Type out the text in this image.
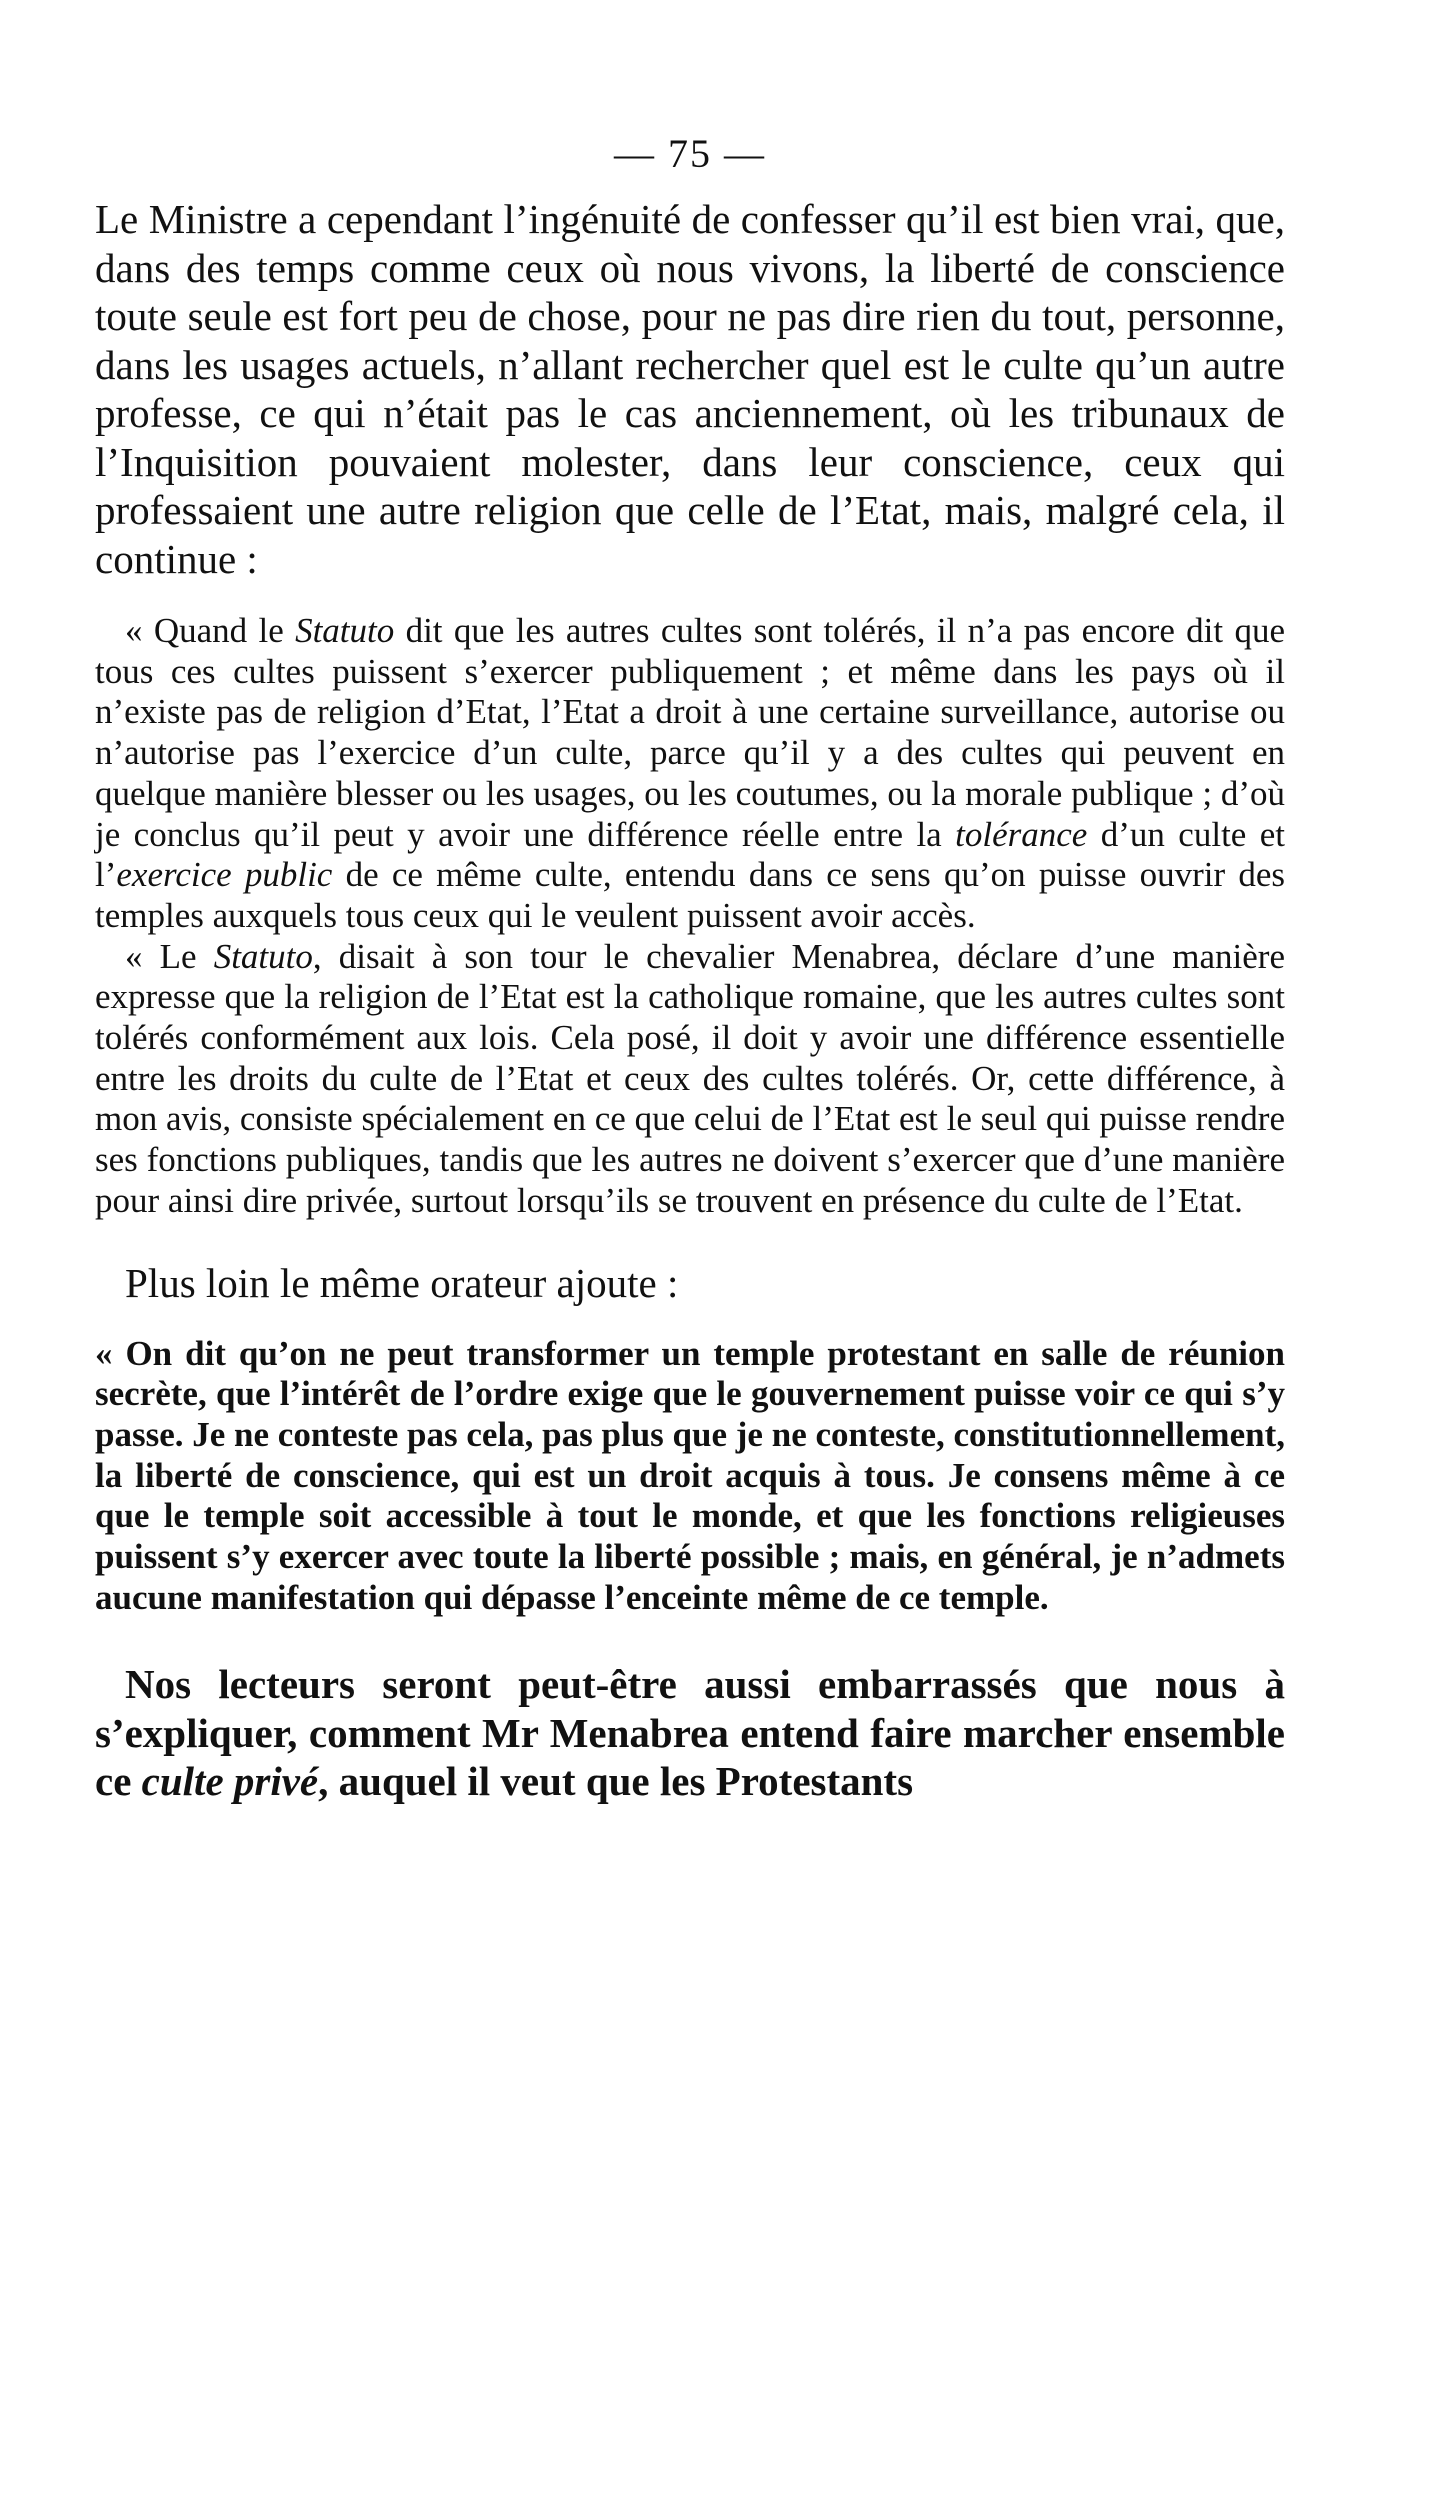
— 75 —

Le Ministre a cependant l’ingénuité de confesser qu’il est bien vrai, que, dans des temps comme ceux où nous vivons, la liberté de conscience toute seule est fort peu de chose, pour ne pas dire rien du tout, personne, dans les usages actuels, n’allant rechercher quel est le culte qu’un autre professe, ce qui n’était pas le cas anciennement, où les tribunaux de l’Inquisition pouvaient molester, dans leur conscience, ceux qui professaient une autre religion que celle de l’Etat, mais, malgré cela, il continue :

« Quand le Statuto dit que les autres cultes sont tolérés, il n’a pas encore dit que tous ces cultes puissent s’exercer publiquement ; et même dans les pays où il n’existe pas de religion d’Etat, l’Etat a droit à une certaine surveillance, autorise ou n’autorise pas l’exercice d’un culte, parce qu’il y a des cultes qui peuvent en quelque manière blesser ou les usages, ou les coutumes, ou la morale publique ; d’où je conclus qu’il peut y avoir une différence réelle entre la tolérance d’un culte et l’exercice public de ce même culte, entendu dans ce sens qu’on puisse ouvrir des temples auxquels tous ceux qui le veulent puissent avoir accès.

« Le Statuto, disait à son tour le chevalier Menabrea, déclare d’une manière expresse que la religion de l’Etat est la catholique romaine, que les autres cultes sont tolérés conformément aux lois. Cela posé, il doit y avoir une différence essentielle entre les droits du culte de l’Etat et ceux des cultes tolérés. Or, cette différence, à mon avis, consiste spécialement en ce que celui de l’Etat est le seul qui puisse rendre ses fonctions publiques, tandis que les autres ne doivent s’exercer que d’une manière pour ainsi dire privée, surtout lorsqu’ils se trouvent en présence du culte de l’Etat.

Plus loin le même orateur ajoute :

« On dit qu’on ne peut transformer un temple protestant en salle de réunion secrète, que l’intérêt de l’ordre exige que le gouvernement puisse voir ce qui s’y passe. Je ne conteste pas cela, pas plus que je ne conteste, constitutionnellement, la liberté de conscience, qui est un droit acquis à tous. Je consens même à ce que le temple soit accessible à tout le monde, et que les fonctions religieuses puissent s’y exercer avec toute la liberté possible ; mais, en général, je n’admets aucune manifestation qui dépasse l’enceinte même de ce temple.

Nos lecteurs seront peut-être aussi embarrassés que nous à s’expliquer, comment Mr Menabrea entend faire marcher ensemble ce culte privé, auquel il veut que les Protestants
